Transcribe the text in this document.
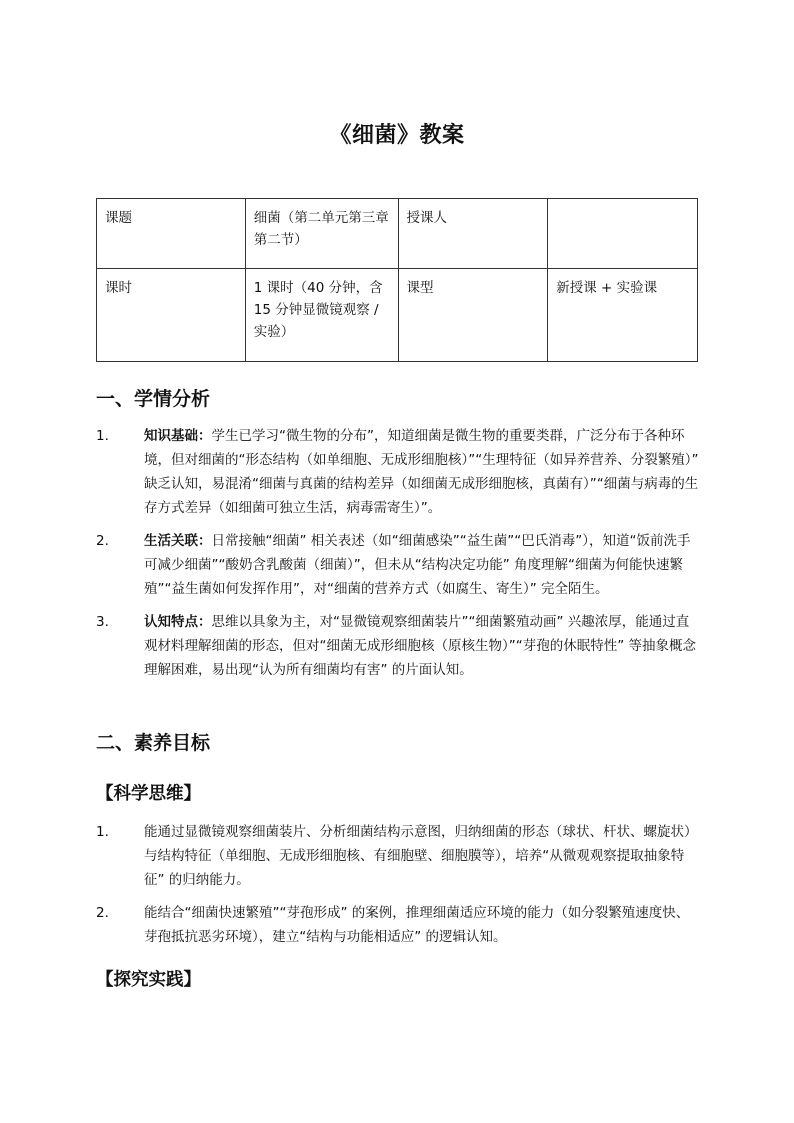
《细菌》教案
课题	细菌（第二单元第三章第二节）	授课人	
课时	1 课时（40 分钟，含 15 分钟显微镜观察 / 实验）	课型	新授课 + 实验课
一、学情分析
1.	知识基础：学生已学习“微生物的分布”，知道细菌是微生物的重要类群，广泛分布于各种环境，但对细菌的“形态结构（如单细胞、无成形细胞核）”“生理特征（如异养营养、分裂繁殖）” 缺乏认知，易混淆“细菌与真菌的结构差异（如细菌无成形细胞核，真菌有）”“细菌与病毒的生存方式差异（如细菌可独立生活，病毒需寄生）”。
2.	生活关联：日常接触“细菌” 相关表述（如“细菌感染”“益生菌”“巴氏消毒”），知道“饭前洗手可减少细菌”“酸奶含乳酸菌（细菌）”，但未从“结构决定功能” 角度理解“细菌为何能快速繁殖”“益生菌如何发挥作用”，对“细菌的营养方式（如腐生、寄生）” 完全陌生。
3.	认知特点：思维以具象为主，对“显微镜观察细菌装片”“细菌繁殖动画” 兴趣浓厚，能通过直观材料理解细菌的形态，但对“细菌无成形细胞核（原核生物）”“芽孢的休眠特性” 等抽象概念理解困难，易出现“认为所有细菌均有害” 的片面认知。
二、素养目标
【科学思维】
1.	能通过显微镜观察细菌装片、分析细菌结构示意图，归纳细菌的形态（球状、杆状、螺旋状）与结构特征（单细胞、无成形细胞核、有细胞壁、细胞膜等），培养“从微观观察提取抽象特征” 的归纳能力。
2.	能结合“细菌快速繁殖”“芽孢形成” 的案例，推理细菌适应环境的能力（如分裂繁殖速度快、芽孢抵抗恶劣环境），建立“结构与功能相适应” 的逻辑认知。
【探究实践】
